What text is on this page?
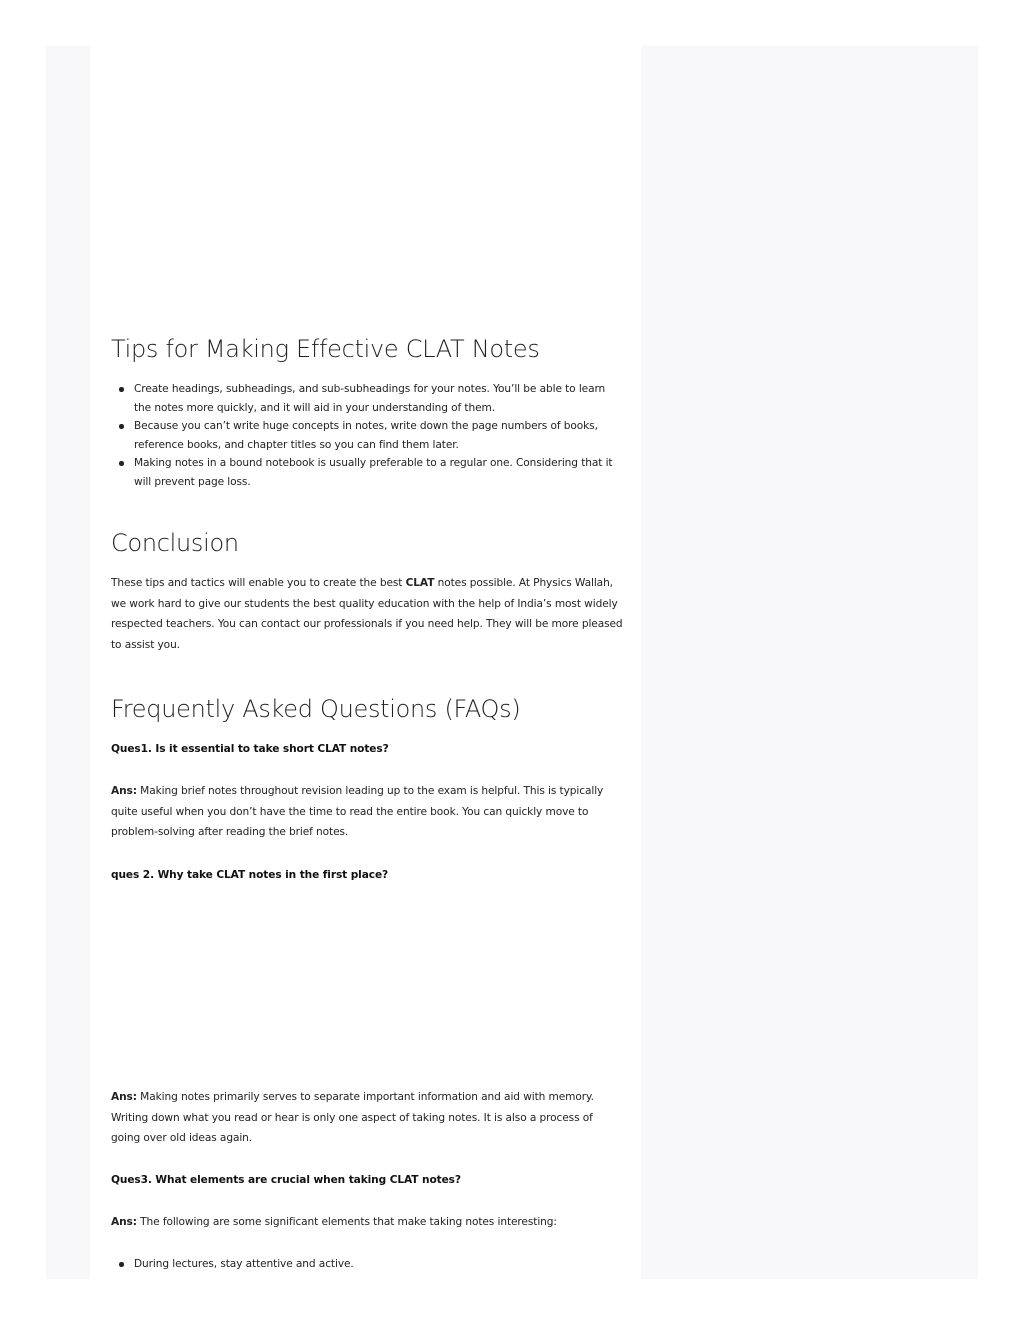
Tips for Making Effective CLAT Notes
Create headings, subheadings, and sub-subheadings for your notes. You’ll be able to learn the notes more quickly, and it will aid in your understanding of them.
Because you can’t write huge concepts in notes, write down the page numbers of books, reference books, and chapter titles so you can find them later.
Making notes in a bound notebook is usually preferable to a regular one. Considering that it will prevent page loss.
Conclusion

These tips and tactics will enable you to create the best CLAT notes possible. At Physics Wallah, we work hard to give our students the best quality education with the help of India’s most widely respected teachers. You can contact our professionals if you need help. They will be more pleased to assist you.

Frequently Asked Questions (FAQs)
Ques1. Is it essential to take short CLAT notes?

Ans: Making brief notes throughout revision leading up to the exam is helpful. This is typically quite useful when you don’t have the time to read the entire book. You can quickly move to problem-solving after reading the brief notes.

ques 2. Why take CLAT notes in the first place?

Ans: Making notes primarily serves to separate important information and aid with memory. Writing down what you read or hear is only one aspect of taking notes. It is also a process of going over old ideas again.

Ques3. What elements are crucial when taking CLAT notes?

Ans: The following are some significant elements that make taking notes interesting:

During lectures, stay attentive and active.
